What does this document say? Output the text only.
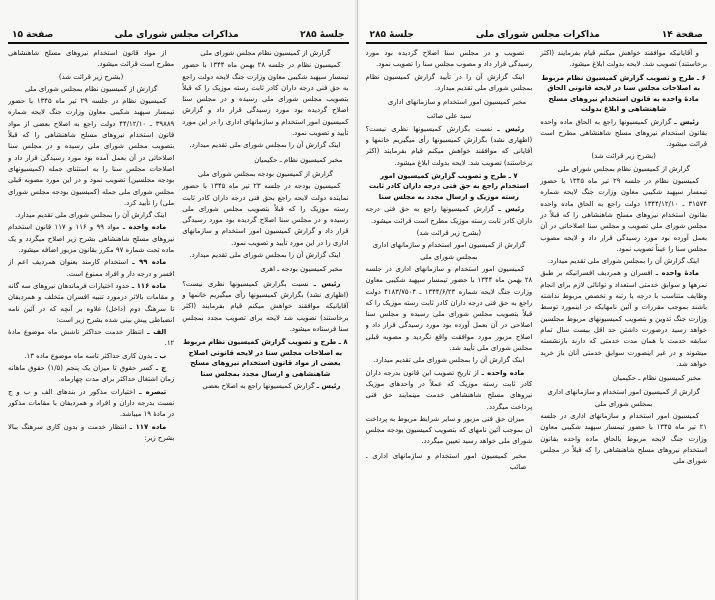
جلسهٔ ۲۸۵
مذاکرات مجلس شورای ملی
صفحة ۱۵

گزارش از کمیسیون نظام مجلس شورای ملی

کمیسیون نظام در جلسه ۲۸ بهمن ماه ۱۳۴۴ با حضور تیمسار سپهبد شکیبی معاون وزارت جنگ لایحه دولت راجع به حق فنی درجه داران کادر ثابت رسته موزیک را که قبلاً بتصویب مجلس شورای ملی رسیده و در مجلس سنا اصلاح گردیده بود مورد رسیدگی قرار داد و گزارش کمیسیون امور استخدام و سازمانهای اداری را در این مورد تأیید و تصویب نمود.

اینک گزارش آن را بمجلس شورای ملی تقدیم میدارد.

مخبر کمیسیون نظام ـ حکیمیان

گزارش از کمیسیون بودجه بمجلس شورای ملی

کمیسیون بودجه در جلسه ۲۳ تیر ماه ۱۳۴۵ با حضور نماینده دولت لایحه راجع بحق فنی درجه داران کادر ثابت رسته موزیک را که قبلاً بتصویب مجلس شورای ملی رسیده و در مجلس سنا اصلاح گردیده بود مورد رسیدگی قرار داد و گزارش کمیسیون امور استخدام و سازمانهای اداری را در این مورد تأیید و تصویب نمود.

اینک گزارش آن را بمجلس شورای ملی تقدیم میدارد.

مخبر کمیسیون بودجه ـ اهری

رئیس ـ نسبت بگزارش کمیسیونها نظری نیست؟ (اظهاری نشد) بگزارش کمیسیونها رأی میگیریم خانمها و آقایانیکه موافقند خواهش میکنم قیام بفرمایند (اکثر برخاستند) تصویب شد لایحه برای تصویب مجدد بمجلس سنا فرستاده میشود.

۸ ـ طرح و تصویب گزارش کمیسیون نظام مربوط به اصلاحات مجلس سنا در لایحه قانونی اصلاح بعضی از مواد قانون استخدام نیروهای مسلح شاهنشاهی و ارسال مجدد بمجلس سنا

رئیس ـ گزارش کمیسیونها راجع به اصلاح بعضی

از مواد قانون استخدام نیروهای مسلح شاهنشاهی مطرح است قرائت میشود.

(بشرح زیر قرائت شد)

گزارش از کمیسیون نظام بمجلس شورای ملی

کمیسیون نظام در جلسه ۲۹ تیر ماه ۱۳۴۵ با حضور تیمسار سپهبد شکیبی معاون وزارت جنگ لایحه شماره ۳۹۸۸۹ ـ ۴۴/۱۲/۱۰ دولت راجع به اصلاح بعضی از مواد قانون استخدام نیروهای مسلح شاهنشاهی را که قبلاً بتصویب مجلس شورای ملی رسیده و در مجلس سنا اصلاحاتی در آن بعمل آمده بود مورد رسیدگی قرار داد و اصلاحات مجلس سنا را به استثنای جمله (کمیسیونهای بودجه مجلسین) تصویب نمود و در این مورد مصوبه قبلی مجلس شورای ملی جمله (کمیسیون بودجه مجلس شورای ملی) را تأیید کرد.

اینک گزارش آن را بمجلس شورای ملی تقدیم میدارد.

ماده واحده ـ مواد ۹۹ و ۱۱۶ و ۱۱۷ قانون استخدام نیروهای مسلح شاهنشاهی بشرح زیر اصلاح میگردد و یک ماده تحت شماره ۹۷ مکرر بقانون مزبور اضافه میشود.

ماده ۹۹ ـ استخدام کارمند بعنوان همردیف اعم از افسر و درجه دار و افراد ممنوع است.

ماده ۱۱۶ ـ حدود اختیارات فرماندهان نیروهای سه گانه و مقامات بالاتر درمورد تنبیه افسران متخلف و همردیفان تا سرهنگ دوم (داخل) علاوه بر آنچه که در آئین نامه انضباطی پیش بینی شده بشرح زیر است:

الف ـ انتظار خدمت حداکثر تاشش ماه موضوع مادهٔ ۱۲.

ب ـ بدون کاری حداکثر تاسه ماه موضوع ماده ۱۳.

ج ـ کسر حقوق تا میزان یک پنجم (۱/۵) حقوق ماهانه زمان اشتغال حداکثر برای مدت چهارماه.

تبصره ـ اختیارات مذکور در بندهای الف و ب و ج نسبت بدرجه داران و افراد و همردیفان با مقامات مذکور در مادهٔ ۱۹ میباشد.

ماده ۱۱۷ ـ انتظار خدمت و بدون کاری سرهنگ ببالا بشرح زیر:

صفحة ۱۴
مذاکرات مجلس شورای ملی
جلسهٔ ۲۸۵

و آقایانیکه موافقند خواهش میکنم قیام بفرمایند (اکثر برخاستند) تصویب شد. لایحه بدولت ابلاغ میشود.

۶ ـ طرح و تصویب گزارش کمیسیون نظام مربوط به اصلاحات مجلس سنا در لایحه قانونی الحاق مادهٔ واحده به قانون استخدام نیروهای مسلح شاهنشاهی و ابلاغ بدولت

رئیس ـ گزارش کمیسیونها راجع به الحاق ماده واحده بقانون استخدام نیروهای مسلح شاهنشاهی مطرح است قرائت میشود.

(بشرح زیر قرائت شد)

گزارش از کمیسیون نظام بمجلس شورای ملی

کمیسیون نظام در جلسه ۲۹ تیر ماه ۱۳۴۵ با حضور تیمسار سپهبد شکیبی معاون وزارت جنگ لایحه شماره ۳۱۵۷۴ ـ ۱۳۴۴/۱۲/۱۰ دولت راجع به الحاق ماده واحده بقانون استخدام نیروهای مسلح شاهنشاهی را که قبلاً در مجلس شورای ملی تصویب و مجلس سنا اصلاحاتی در آن بعمل آورده بود مورد رسیدگی قرار داد و لایحه مصوب مجلس سنا را عیناً تصویب نمود.

اینک گزارش آن را بمجلس شورای ملی تقدیم میدارد.

مادهٔ واحده ـ افسران و همردیف افسرانیکه بر طبق نمرهها و سوابق خدمتی استعداد و توانائی لازم برای انجام وظایف متناسب با درجه یا رتبه و تخصص مربوط نداشته باشند بموجب مقررات و آئین نامهایکه در اینمورد توسط وزارت جنگ تدوین و بتصویب کمیسیونهای مربوط مجلسین خواهد رسید درصورت داشتن حد اقل بیست سال تمام سابقه خدمت با همان مدت خدمتی که دارند بازنشسته میشوند و در غیر اینصورت سوابق خدمتی آنان باز خرید خواهد شد.

مخبر کمیسیون نظام ـ حکیمیان

گزارش از کمیسیون امور استخدام و سازمانهای اداری بمجلس شورای ملی

کمیسیون امور استخدام و سازمانهای اداری در جلسه ۲۱ تیر ماه ۱۳۴۵ با حضور تیمسار سپهبد شکیبی معاون وزارت جنگ لایحه مربوط بالحاق ماده واحده بقانون استخدام نیروهای مسلح شاهنشاهی را که قبلاً در مجلس شورای ملی

تصویب و در مجلس سنا اصلاح گردیده بود مورد رسیدگی قرار داد و مصوب مجلس سنا را تصویب نمود.

اینک گزارش آن را در تأیید گزارش کمیسیون نظام بمجلس شورای ملی تقدیم میدارد.

مخبر کمیسیون امور استخدام و سازمانهای اداری

سید علی صائب

رئیس ـ نسبت بگزارش کمیسیونها نظری نیست؟ (اظهاری نشد) بگزارش کمیسیونها رأی میگیریم خانمها و آقایانی که موافقند خواهش میکنم قیام بفرمایند (اکثر برخاستند) تصویب شد. لایحه بدولت ابلاغ میشود.

۷ ـ طرح و تصویب گزارش کمیسیون امور استخدام راجع به حق فنی درجه داران کادر ثابت رسته موزیک و ارسال مجدد به مجلس سنا

رئیس ـ گزارش کمیسیونها راجع به حق فنی درجه داران کادر ثابت رسته موزیک مطرح است قرائت میشود.

(بشرح زیر قرائت شد)

گزارش از کمیسیون امور استخدام و سازمانهای اداری بمجلس شورای ملی

کمیسیون امور استخدام و سازمانهای اداری در جلسه ۲۸ بهمن ماه ۱۳۴۴ با حضور تیمسار سپهبد شکیبی معاون وزارت جنگ لایحه شماره ۱۳۴۴/۶/۲۳ ـ ۴۱۸۳/۷۵۰۴ دولت راجع به حق فنی درجه داران کادر ثابت رسته موزیک را که قبلاً بتصویب مجلس شورای ملی رسیده و مجلس سنا اصلاحی در آن بعمل آورده بود مورد رسیدگی قرار داد و اصلاح مزبور مورد موافقت واقع نگردید و مصوبه قبلی مجلس شورای ملی تأیید شد.

اینک گزارش آن را بمجلس شورای ملی تقدیم میدارد.

ماده واحده ـ از تاریخ تصویب این قانون بدرجه داران کادر ثابت رسته موزیک که عملاً در واحدهای موزیک نیروهای مسلح شاهنشاهی خدمت مینمایند حق فنی پرداخت میگردد.

میزان حق فنی مزبور و سایر شرایط مربوط به پرداخت آن بموجب آئین نامهای که بتصویب کمیسیون بودجه مجلس شورای ملی خواهد رسید تعیین میگردد.

مخبر کمیسیون امور استخدام و سازمانهای اداری ـ صائب
